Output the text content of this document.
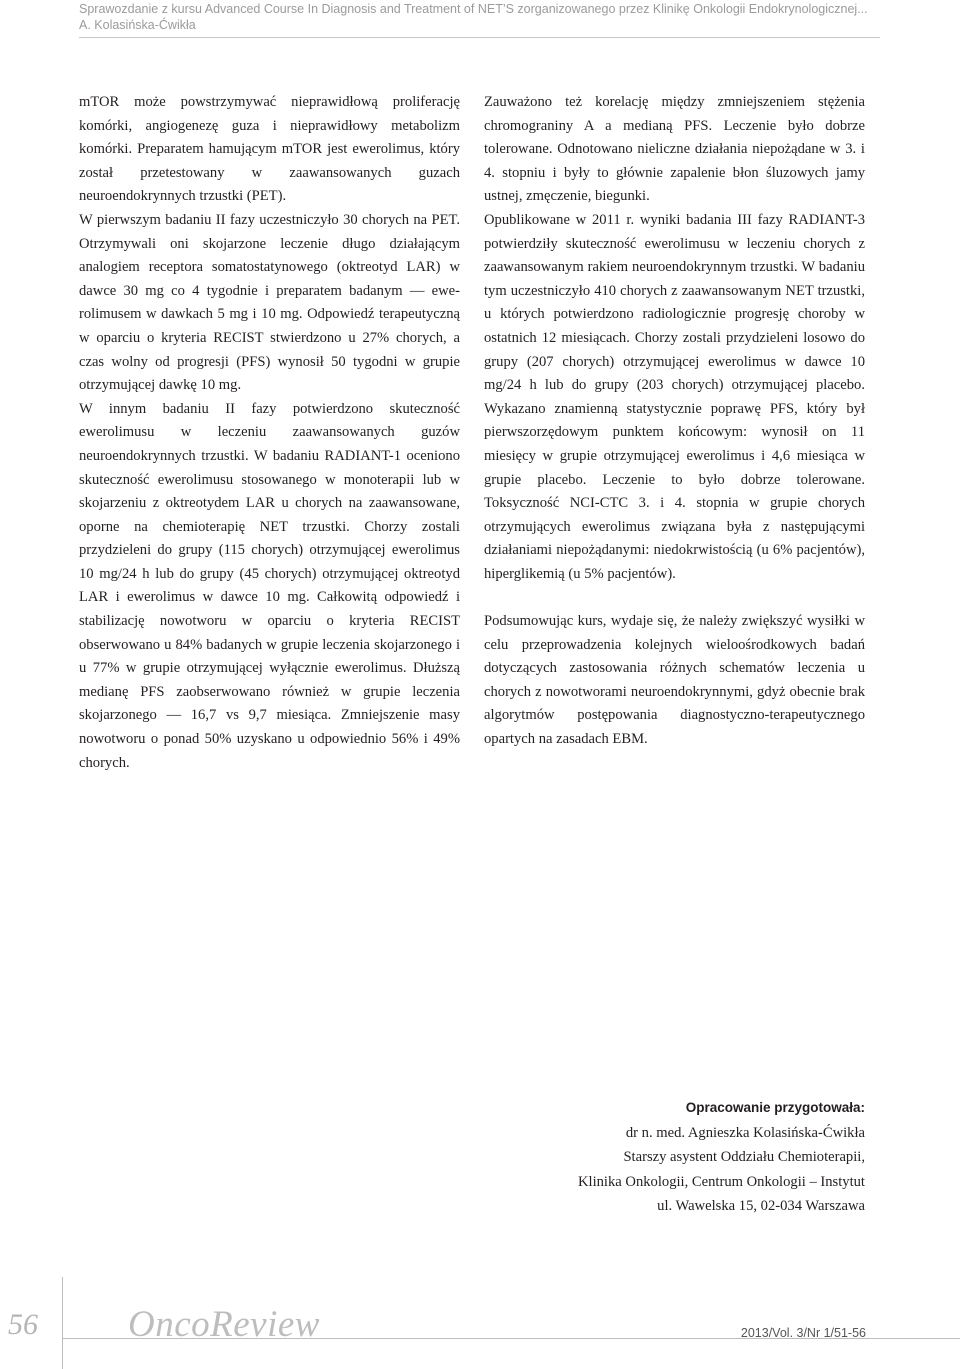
Sprawozdanie z kursu Advanced Course In Diagnosis and Treatment of NET’S zorganizowanego przez Klinikę Onkologii Endokrynologicznej...
A. Kolasińska-Ćwikła

mTOR może powstrzymywać nieprawidłową proliferację komórki, angiogenezę guza i nieprawidłowy metabolizm komórki. Preparatem hamującym mTOR jest ewerolimus, który został przetestowany w zaawansowanych guzach neuroendokrynnych trzustki (PET).

W pierwszym badaniu II fazy uczestniczyło 30 chorych na PET. Otrzymywali oni skojarzone leczenie długo działającym analogiem receptora somatostatynowego (oktreotyd LAR) w dawce 30 mg co 4 tygodnie i preparatem badanym — ewe-rolimusem w dawkach 5 mg i 10 mg. Odpowiedź terapeutyczną w oparciu o kryteria RECIST stwierdzono u 27% chorych, a czas wolny od progresji (PFS) wynosił 50 tygodni w grupie otrzymującej dawkę 10 mg.

W innym badaniu II fazy potwierdzono skuteczność ewerolimusu w leczeniu zaawansowanych guzów neuroendokrynnych trzustki. W badaniu RADIANT-1 oceniono skuteczność ewerolimusu stosowanego w monoterapii lub w skojarzeniu z oktreotydem LAR u chorych na zaawansowane, oporne na chemioterapię NET trzustki. Chorzy zostali przydzieleni do grupy (115 chorych) otrzymującej ewerolimus 10 mg/24 h lub do grupy (45 chorych) otrzymującej oktreotyd LAR i ewerolimus w dawce 10 mg. Całkowitą odpowiedź i stabilizację nowotworu w oparciu o kryteria RECIST obserwowano u 84% badanych w grupie leczenia skojarzonego i u 77% w grupie otrzymującej wyłącznie ewerolimus. Dłuższą medianę PFS zaobserwowano również w grupie leczenia skojarzonego — 16,7 vs 9,7 miesiąca. Zmniejszenie masy nowotworu o ponad 50% uzyskano u odpowiednio 56% i 49% chorych.

Zauważono też korelację między zmniejszeniem stężenia chromograniny A a medianą PFS. Leczenie było dobrze tolerowane. Odnotowano nieliczne działania niepożądane w 3. i 4. stopniu i były to głównie zapalenie błon śluzowych jamy ustnej, zmęczenie, biegunki.

Opublikowane w 2011 r. wyniki badania III fazy RADIANT-3 potwierdziły skuteczność ewerolimusu w leczeniu chorych z zaawansowanym rakiem neuroendokrynnym trzustki. W badaniu tym uczestniczyło 410 chorych z zaawansowanym NET trzustki, u których potwierdzono radiologicznie progresję choroby w ostatnich 12 miesiącach. Chorzy zostali przydzieleni losowo do grupy (207 chorych) otrzymującej ewerolimus w dawce 10 mg/24 h lub do grupy (203 chorych) otrzymującej placebo. Wykazano znamienną statystycznie poprawę PFS, który był pierwszorzędowym punktem końcowym: wynosił on 11 miesięcy w grupie otrzymującej ewerolimus i 4,6 miesiąca w grupie placebo. Leczenie to było dobrze tolerowane. Toksyczność NCI-CTC 3. i 4. stopnia w grupie chorych otrzymujących ewerolimus związana była z następującymi działaniami niepożądanymi: niedokrwistością (u 6% pacjentów), hiperglikemią (u 5% pacjentów).

Podsumowując kurs, wydaje się, że należy zwiększyć wysiłki w celu przeprowadzenia kolejnych wieloośrodkowych badań dotyczących zastosowania różnych schematów leczenia u chorych z nowotworami neuroendokrynnymi, gdyż obecnie brak algorytmów postępowania diagnostyczno-terapeutycznego opartych na zasadach EBM.

Opracowanie przygotowała:
dr n. med. Agnieszka Kolasińska-Ćwikła
Starszy asystent Oddziału Chemioterapii,
Klinika Onkologii, Centrum Onkologii – Instytut
ul. Wawelska 15, 02-034 Warszawa
56 OncoReview	2013/Vol. 3/Nr 1/51-56
